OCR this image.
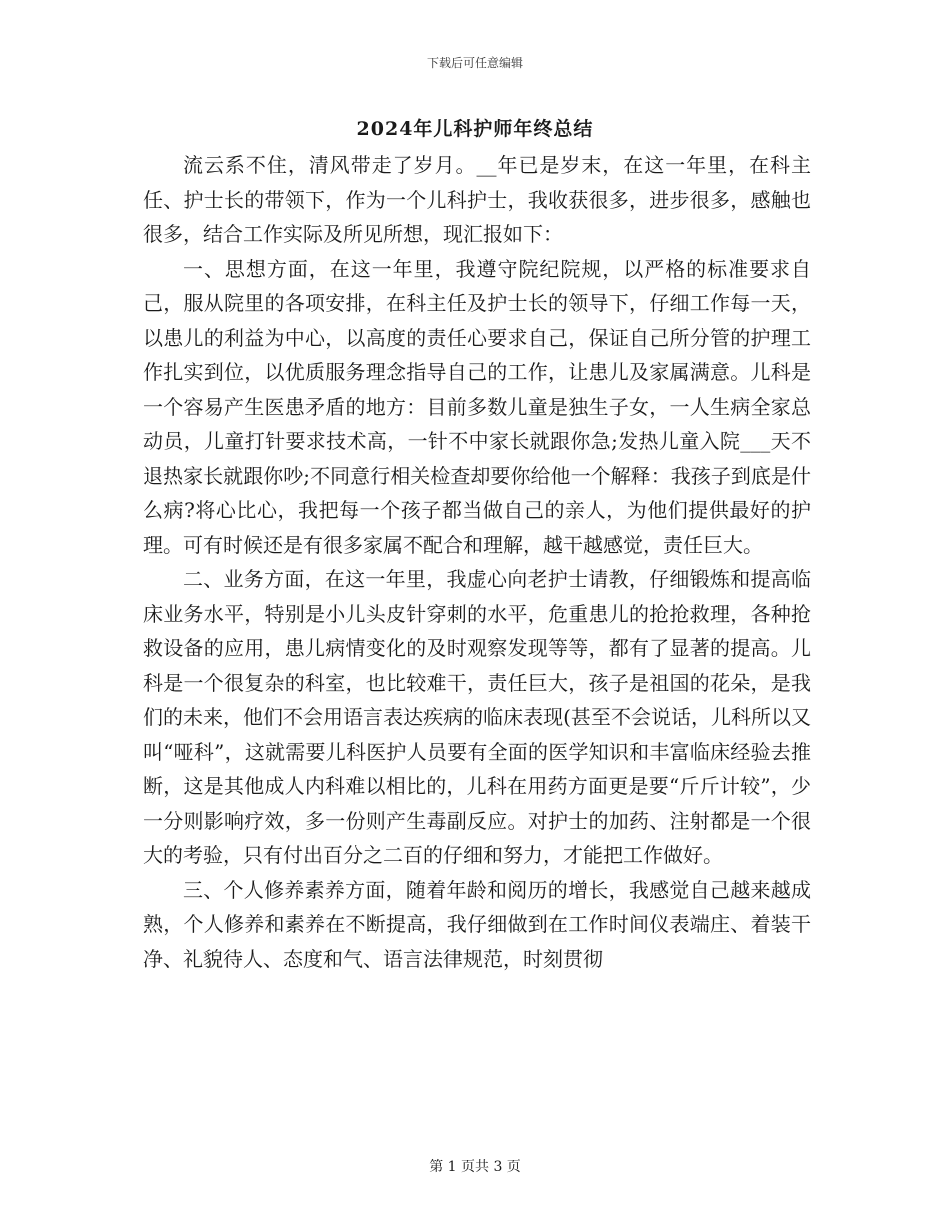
下载后可任意编辑
2024年儿科护师年终总结

流云系不住，清风带走了岁月。__年已是岁末，在这一年里，在科主任、护士长的带领下，作为一个儿科护士，我收获很多，进步很多，感触也很多，结合工作实际及所见所想，现汇报如下：

一、思想方面，在这一年里，我遵守院纪院规，以严格的标准要求自己，服从院里的各项安排，在科主任及护士长的领导下，仔细工作每一天，以患儿的利益为中心，以高度的责任心要求自己，保证自己所分管的护理工作扎实到位，以优质服务理念指导自己的工作，让患儿及家属满意。儿科是一个容易产生医患矛盾的地方：目前多数儿童是独生子女，一人生病全家总动员，儿童打针要求技术高，一针不中家长就跟你急;发热儿童入院___天不退热家长就跟你吵;不同意行相关检查却要你给他一个解释：我孩子到底是什么病?将心比心，我把每一个孩子都当做自己的亲人，为他们提供最好的护理。可有时候还是有很多家属不配合和理解，越干越感觉，责任巨大。

二、业务方面，在这一年里，我虚心向老护士请教，仔细锻炼和提高临床业务水平，特别是小儿头皮针穿刺的水平，危重患儿的抢抢救理，各种抢救设备的应用，患儿病情变化的及时观察发现等等，都有了显著的提高。儿科是一个很复杂的科室，也比较难干，责任巨大，孩子是祖国的花朵，是我们的未来，他们不会用语言表达疾病的临床表现(甚至不会说话，儿科所以又叫“哑科”，这就需要儿科医护人员要有全面的医学知识和丰富临床经验去推断，这是其他成人内科难以相比的，儿科在用药方面更是要“斤斤计较”，少一分则影响疗效，多一份则产生毒副反应。对护士的加药、注射都是一个很大的考验，只有付出百分之二百的仔细和努力，才能把工作做好。

三、个人修养素养方面，随着年龄和阅历的增长，我感觉自己越来越成熟，个人修养和素养在不断提高，我仔细做到在工作时间仪表端庄、着装干净、礼貌待人、态度和气、语言法律规范，时刻贯彻

第 1 页共 3 页
